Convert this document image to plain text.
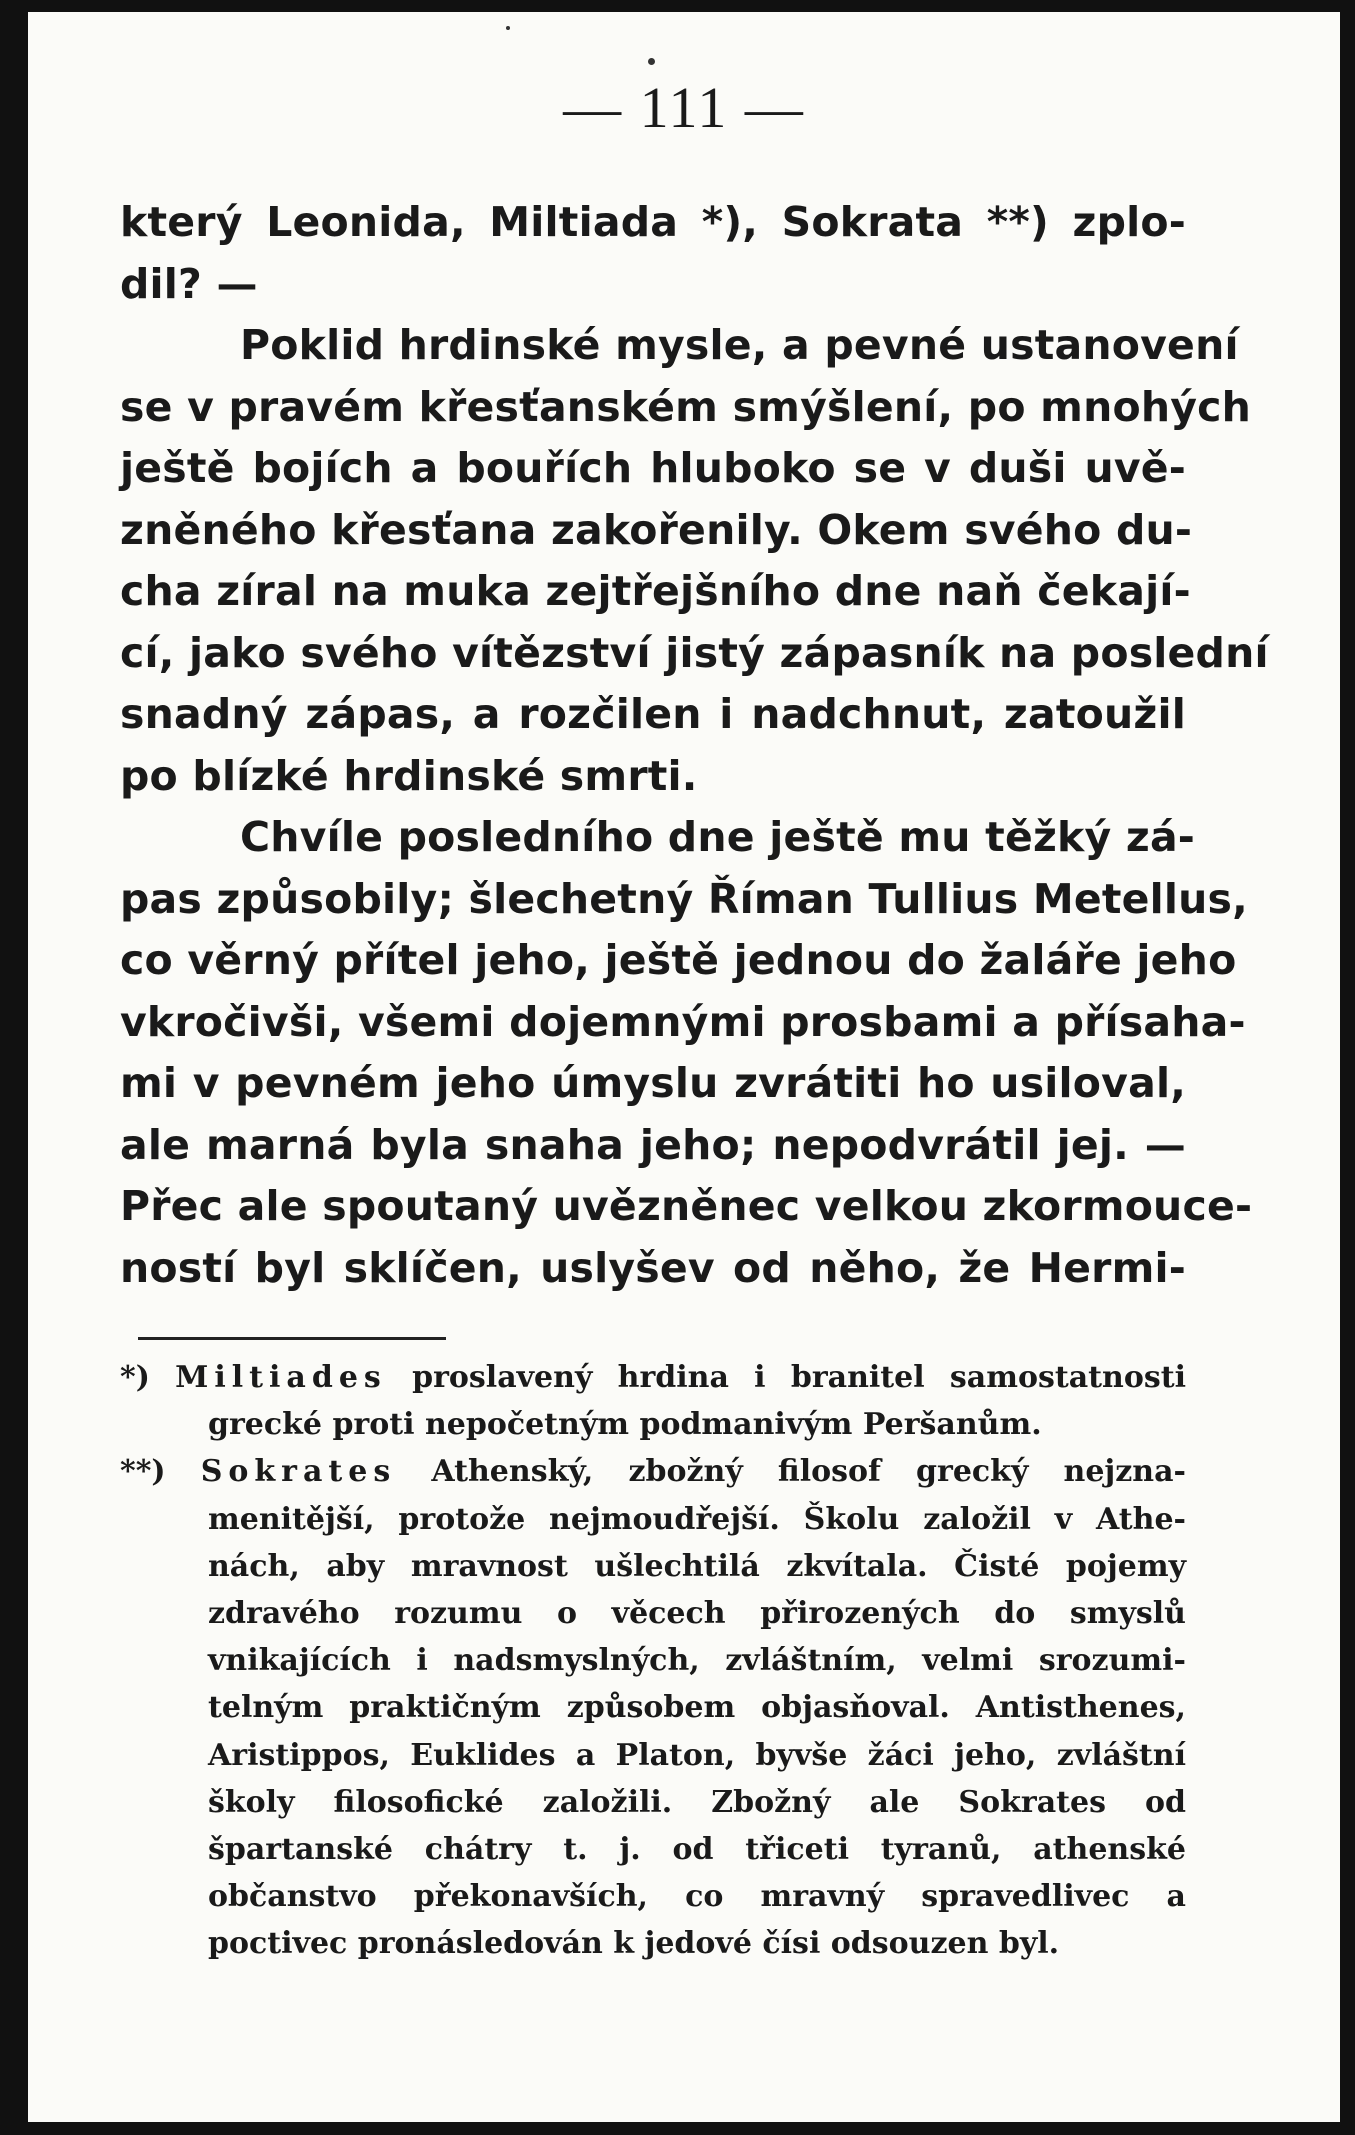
— 111 —
který Leonida, Miltiada *), Sokrata **) zplo-
dil? —
Poklid hrdinské mysle, a pevné ustanovení
se v pravém křesťanském smýšlení, po mnohých
ještě bojích a bouřích hluboko se v duši uvě-
zněného křesťana zakořenily. Okem svého du-
cha zíral na muka zejtřejšního dne naň čekají-
cí, jako svého vítězství jistý zápasník na poslední
snadný zápas, a rozčilen i nadchnut, zatoužil
po blízké hrdinské smrti.
Chvíle posledního dne ještě mu těžký zá-
pas způsobily; šlechetný Říman Tullius Metellus,
co věrný přítel jeho, ještě jednou do žaláře jeho
vkročivši, všemi dojemnými prosbami a přísaha-
mi v pevném jeho úmyslu zvrátiti ho usiloval,
ale marná byla snaha jeho; nepodvrátil jej. —
Přec ale spoutaný uvězněnec velkou zkormouce-
ností byl sklíčen, uslyšev od něho, že Hermi-
*) Miltiades proslavený hrdina i branitel samostatnosti
grecké proti nepočetným podmanivým Peršanům.
**) Sokrates Athenský, zbožný filosof grecký nejzna-
menitější, protože nejmoudřejší. Školu založil v Athe-
nách, aby mravnost ušlechtilá zkvítala. Čisté pojemy
zdravého rozumu o věcech přirozených do smyslů
vnikajících i nadsmyslných, zvláštním, velmi srozumi-
telným praktičným způsobem objasňoval. Antisthenes,
Aristippos, Euklides a Platon, byvše žáci jeho, zvláštní
školy filosofické založili. Zbožný ale Sokrates od
špartanské chátry t. j. od třiceti tyranů, athenské
občanstvo překonavších, co mravný spravedlivec a
poctivec pronásledován k jedové čísi odsouzen byl.
